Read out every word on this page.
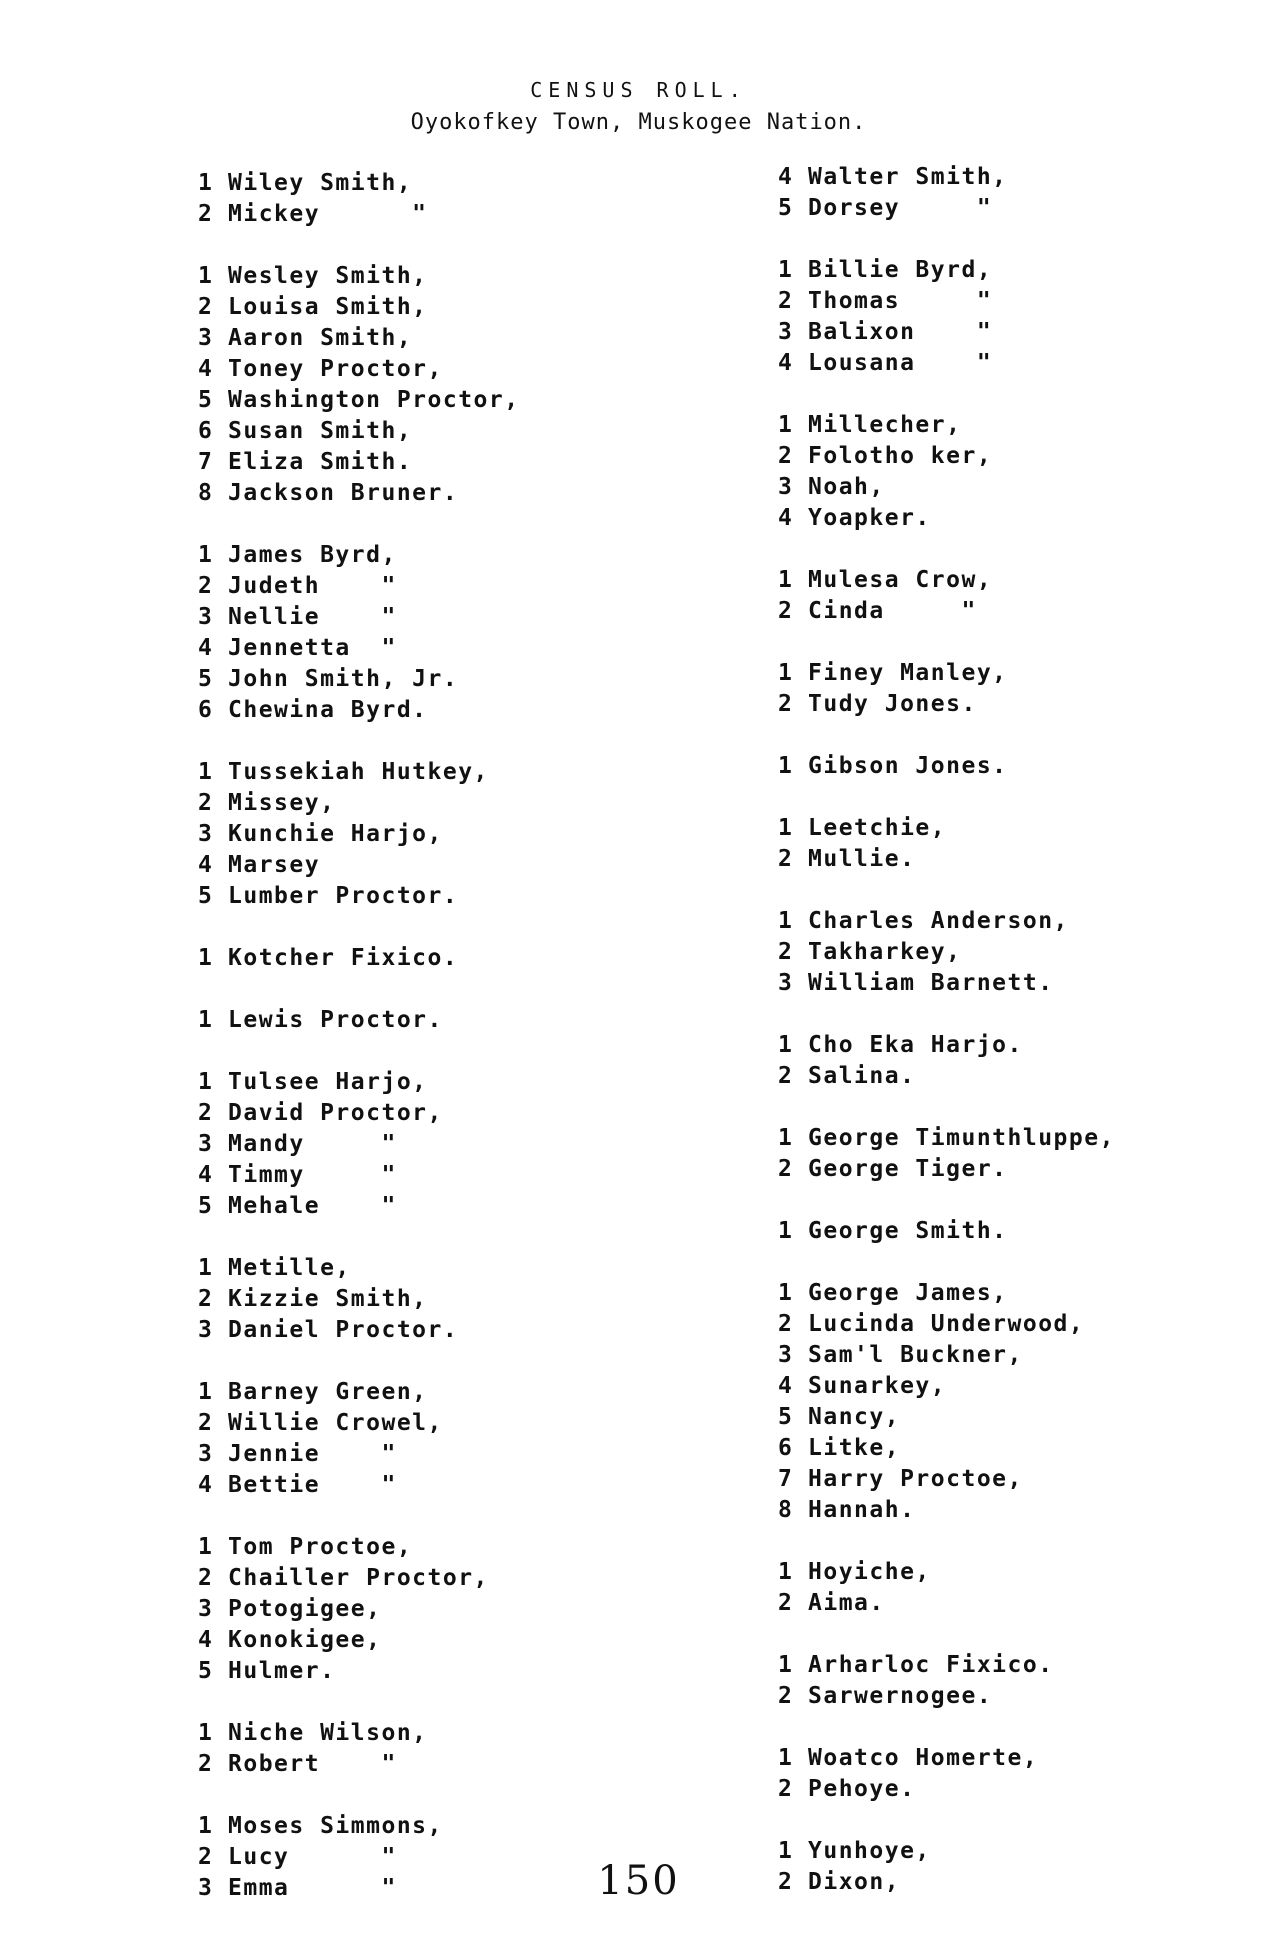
CENSUS ROLL.
Oyokofkey Town, Muskogee Nation.
1 Wiley Smith,
2 Mickey      "
1 Wesley Smith,
2 Louisa Smith,
3 Aaron Smith,
4 Toney Proctor,
5 Washington Proctor,
6 Susan Smith,
7 Eliza Smith.
8 Jackson Bruner.
1 James Byrd,
2 Judeth    "
3 Nellie    "
4 Jennetta  "
5 John Smith, Jr.
6 Chewina Byrd.
1 Tussekiah Hutkey,
2 Missey,
3 Kunchie Harjo,
4 Marsey
5 Lumber Proctor.
1 Kotcher Fixico.
1 Lewis Proctor.
1 Tulsee Harjo,
2 David Proctor,
3 Mandy     "
4 Timmy     "
5 Mehale    "
1 Metille,
2 Kizzie Smith,
3 Daniel Proctor.
1 Barney Green,
2 Willie Crowel,
3 Jennie    "
4 Bettie    "
1 Tom Proctoe,
2 Chailler Proctor,
3 Potogigee,
4 Konokigee,
5 Hulmer.
1 Niche Wilson,
2 Robert    "
1 Moses Simmons,
2 Lucy      "
3 Emma      "
4 Walter Smith,
5 Dorsey     "
1 Billie Byrd,
2 Thomas     "
3 Balixon    "
4 Lousana    "
1 Millecher,
2 Folotho ker,
3 Noah,
4 Yoapker.
1 Mulesa Crow,
2 Cinda     "
1 Finey Manley,
2 Tudy Jones.
1 Gibson Jones.
1 Leetchie,
2 Mullie.
1 Charles Anderson,
2 Takharkey,
3 William Barnett.
1 Cho Eka Harjo.
2 Salina.
1 George Timunthluppe,
2 George Tiger.
1 George Smith.
1 George James,
2 Lucinda Underwood,
3 Sam'l Buckner,
4 Sunarkey,
5 Nancy,
6 Litke,
7 Harry Proctoe,
8 Hannah.
1 Hoyiche,
2 Aima.
1 Arharloc Fixico.
2 Sarwernogee.
1 Woatco Homerte,
2 Pehoye.
1 Yunhoye,
2 Dixon,
150
